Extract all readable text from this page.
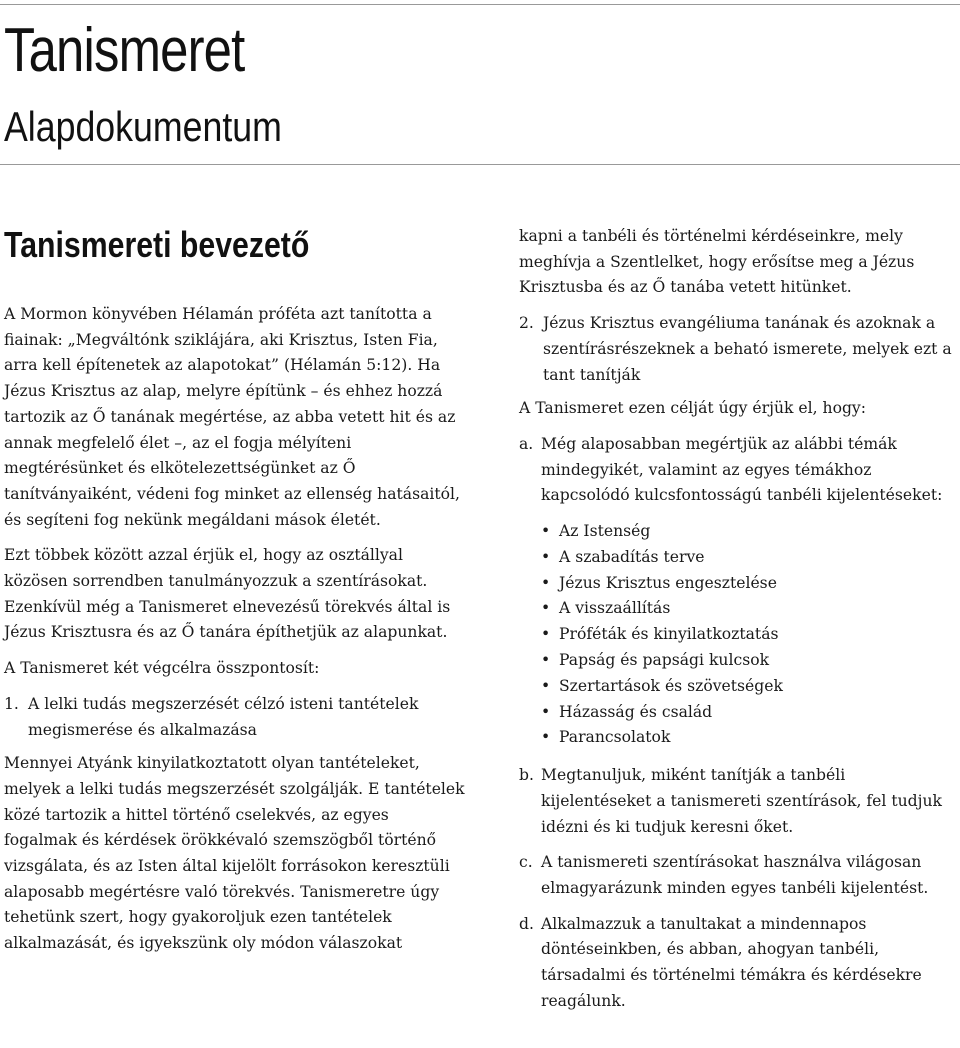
Tanismeret
Alapdokumentum
Tanismereti bevezető

A Mormon könyvében Hélamán próféta azt tanította a fiainak: „Megváltónk sziklájára, aki Krisztus, Isten Fia, arra kell építenetek az alapotokat” (Hélamán 5:12). Ha Jézus Krisztus az alap, melyre építünk – és ehhez hozzá tartozik az Ő tanának megértése, az abba vetett hit és az annak megfelelő élet –, az el fogja mélyíteni megtérésünket és elkötelezettségünket az Ő tanítványaiként, védeni fog minket az ellenség hatásaitól, és segíteni fog nekünk megáldani mások életét.

Ezt többek között azzal érjük el, hogy az osztállyal közösen sorrendben tanulmányozzuk a szentírásokat. Ezenkívül még a Tanismeret elnevezésű törekvés által is Jézus Krisztusra és az Ő tanára építhetjük az alapunkat.

A Tanismeret két végcélra összpontosít:

1. A lelki tudás megszerzését célzó isteni tantételek megismerése és alkalmazása

Mennyei Atyánk kinyilatkoztatott olyan tantételeket, melyek a lelki tudás megszerzését szolgálják. E tantételek közé tartozik a hittel történő cselekvés, az egyes fogalmak és kérdések örökkévaló szemszögből történő vizsgálata, és az Isten által kijelölt forrásokon keresztüli alaposabb megértésre való törekvés. Tanismeretre úgy tehetünk szert, hogy gyakoroljuk ezen tantételek alkalmazását, és igyekszünk oly módon válaszokat

kapni a tanbéli és történelmi kérdéseinkre, mely meghívja a Szentlelket, hogy erősítse meg a Jézus Krisztusba és az Ő tanába vetett hitünket.

2. Jézus Krisztus evangéliuma tanának és azoknak a szentírásrészeknek a beható ismerete, melyek ezt a tant tanítják

A Tanismeret ezen célját úgy érjük el, hogy:

a. Még alaposabban megértjük az alábbi témák mindegyikét, valamint az egyes témákhoz kapcsolódó kulcsfontosságú tanbéli kijelentéseket:
• Az Istenség
• A szabadítás terve
• Jézus Krisztus engesztelése
• A visszaállítás
• Próféták és kinyilatkoztatás
• Papság és papsági kulcsok
• Szertartások és szövetségek
• Házasság és család
• Parancsolatok
b. Megtanuljuk, miként tanítják a tanbéli kijelentéseket a tanismereti szentírások, fel tudjuk idézni és ki tudjuk keresni őket.
c. A tanismereti szentírásokat használva világosan elmagyarázunk minden egyes tanbéli kijelentést.
d. Alkalmazzuk a tanultakat a mindennapos döntéseinkben, és abban, ahogyan tanbéli, társadalmi és történelmi témákra és kérdésekre reagálunk.
